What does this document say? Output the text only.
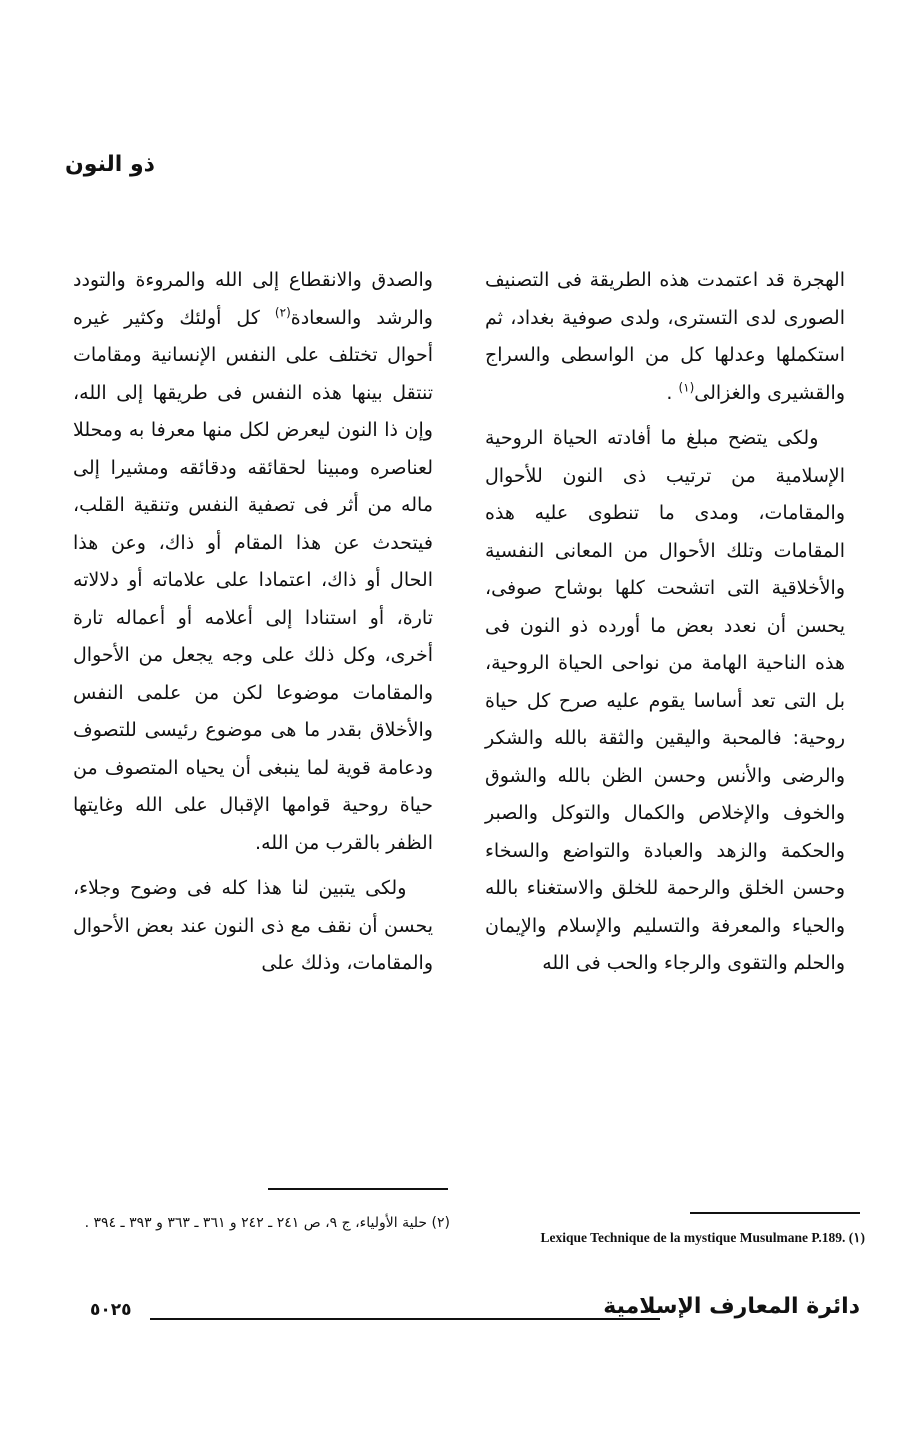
ذو النون

الهجرة قد اعتمدت هذه الطريقة فى التصنيف الصورى لدى التسترى، ولدى صوفية بغداد، ثم استكملها وعدلها كل من الواسطى والسراج والقشيرى والغزالى$^{(١)}$ .

ولكى يتضح مبلغ ما أفادته الحياة الروحية الإسلامية من ترتيب ذى النون للأحوال والمقامات، ومدى ما تنطوى عليه هذه المقامات وتلك الأحوال من المعانى النفسية والأخلاقية التى اتشحت كلها بوشاح صوفى، يحسن أن نعدد بعض ما أورده ذو النون فى هذه الناحية الهامة من نواحى الحياة الروحية، بل التى تعد أساسا يقوم عليه صرح كل حياة روحية: فالمحبة واليقين والثقة بالله والشكر والرضى والأنس وحسن الظن بالله والشوق والخوف والإخلاص والكمال والتوكل والصبر والحكمة والزهد والعبادة والتواضع والسخاء وحسن الخلق والرحمة للخلق والاستغناء بالله والحياء والمعرفة والتسليم والإسلام والإيمان والحلم والتقوى والرجاء والحب فى الله

والصدق والانقطاع إلى الله والمروءة والتودد والرشد والسعادة$^{(٢)}$ كل أولئك وكثير غيره أحوال تختلف على النفس الإنسانية ومقامات تنتقل بينها هذه النفس فى طريقها إلى الله، وإن ذا النون ليعرض لكل منها معرفا به ومحللا لعناصره ومبينا لحقائقه ودقائقه ومشيرا إلى ماله من أثر فى تصفية النفس وتنقية القلب، فيتحدث عن هذا المقام أو ذاك، وعن هذا الحال أو ذاك، اعتمادا على علاماته أو دلالاته تارة، أو استنادا إلى أعلامه أو أعماله تارة أخرى، وكل ذلك على وجه يجعل من الأحوال والمقامات موضوعا لكن من علمى النفس والأخلاق بقدر ما هى موضوع رئيسى للتصوف ودعامة قوية لما ينبغى أن يحياه المتصوف من حياة روحية قوامها الإقبال على الله وغايتها الظفر بالقرب من الله.

ولكى يتبين لنا هذا كله فى وضوح وجلاء، يحسن أن نقف مع ذى النون عند بعض الأحوال والمقامات، وذلك على

Lexique Technique de la mystique Musulmane P.189. (١)
(٢) حلية الأولياء، ج ٩، ص ٢٤١ ـ ٢٤٢ و ٣٦١ ـ ٣٦٣ و ٣٩٣ ـ ٣٩٤ .
دائرة المعارف الإسلامية
٥٠٢٥
